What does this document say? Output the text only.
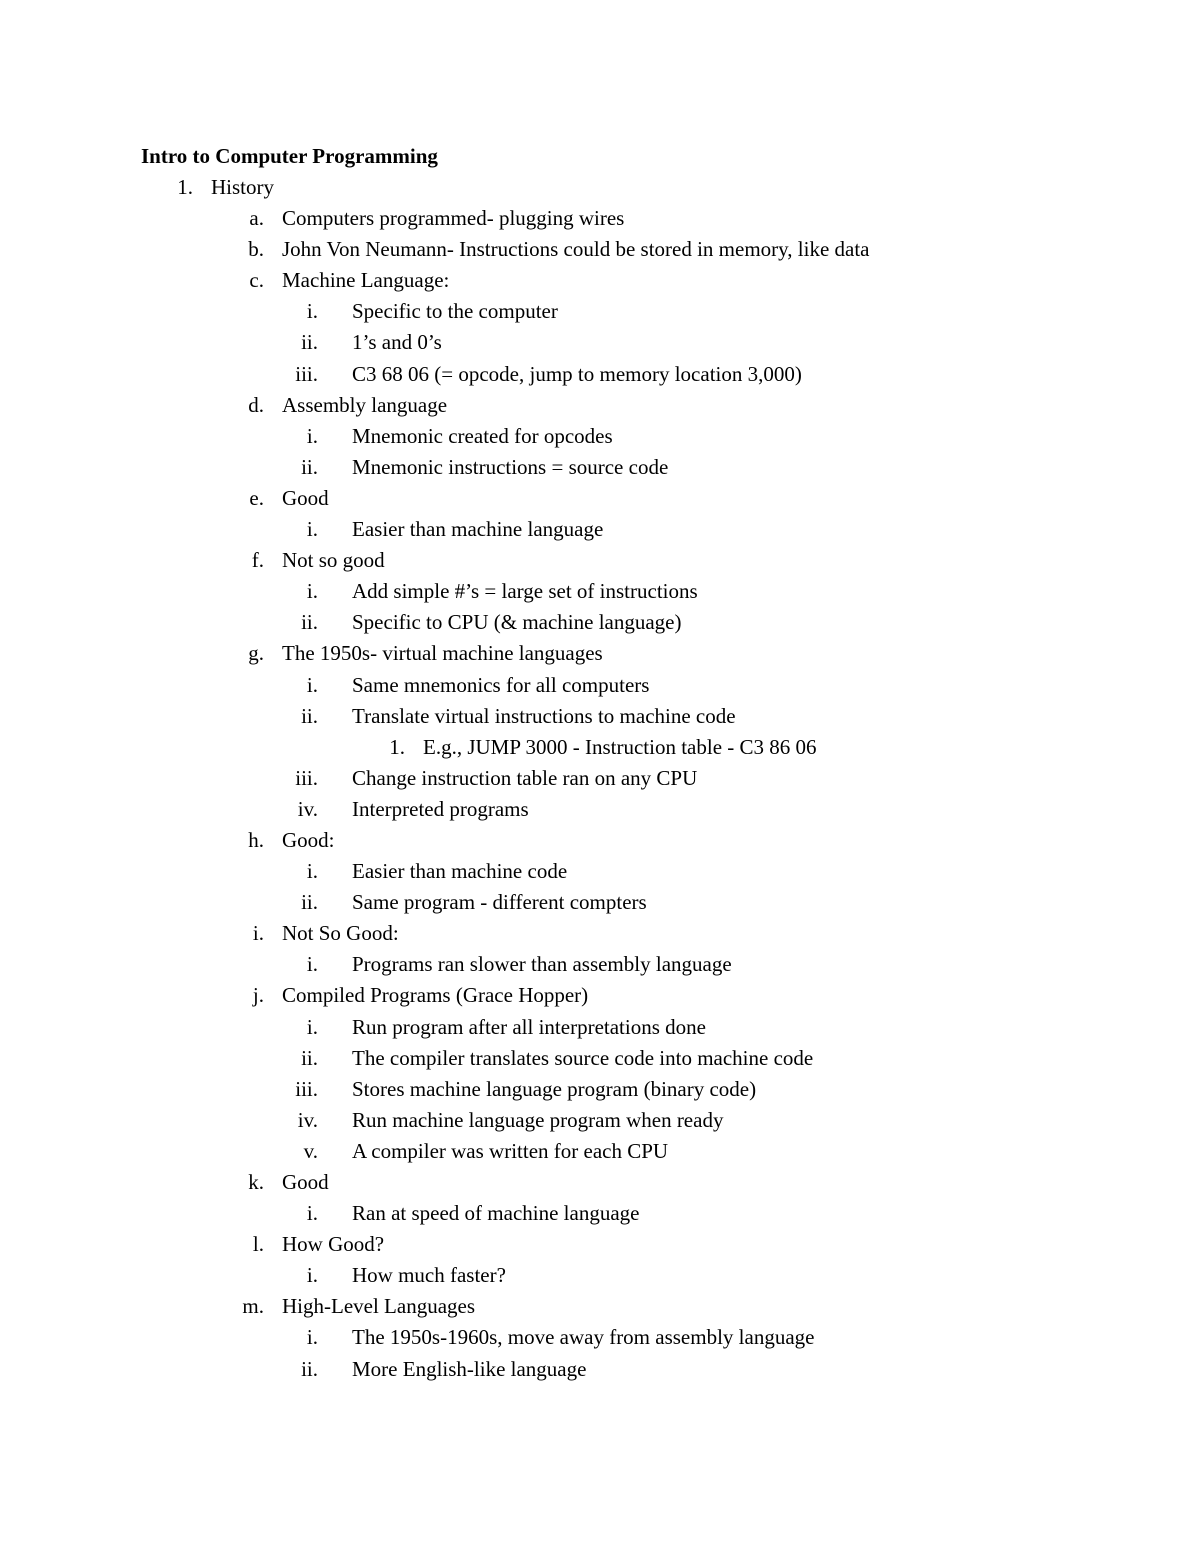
Intro to Computer Programming
1. History
a. Computers programmed- plugging wires
b. John Von Neumann- Instructions could be stored in memory, like data
c. Machine Language:
i. Specific to the computer
ii. 1’s and 0’s
iii. C3 68 06 (= opcode, jump to memory location 3,000)
d. Assembly language
i. Mnemonic created for opcodes
ii. Mnemonic instructions = source code
e. Good
i. Easier than machine language
f. Not so good
i. Add simple #’s = large set of instructions
ii. Specific to CPU (& machine language)
g. The 1950s- virtual machine languages
i. Same mnemonics for all computers
ii. Translate virtual instructions to machine code
1. E.g., JUMP 3000 - Instruction table - C3 86 06
iii. Change instruction table ran on any CPU
iv. Interpreted programs
h. Good:
i. Easier than machine code
ii. Same program - different compters
i. Not So Good:
i. Programs ran slower than assembly language
j. Compiled Programs (Grace Hopper)
i. Run program after all interpretations done
ii. The compiler translates source code into machine code
iii. Stores machine language program (binary code)
iv. Run machine language program when ready
v. A compiler was written for each CPU
k. Good
i. Ran at speed of machine language
l. How Good?
i. How much faster?
m. High-Level Languages
i. The 1950s-1960s, move away from assembly language
ii. More English-like language
